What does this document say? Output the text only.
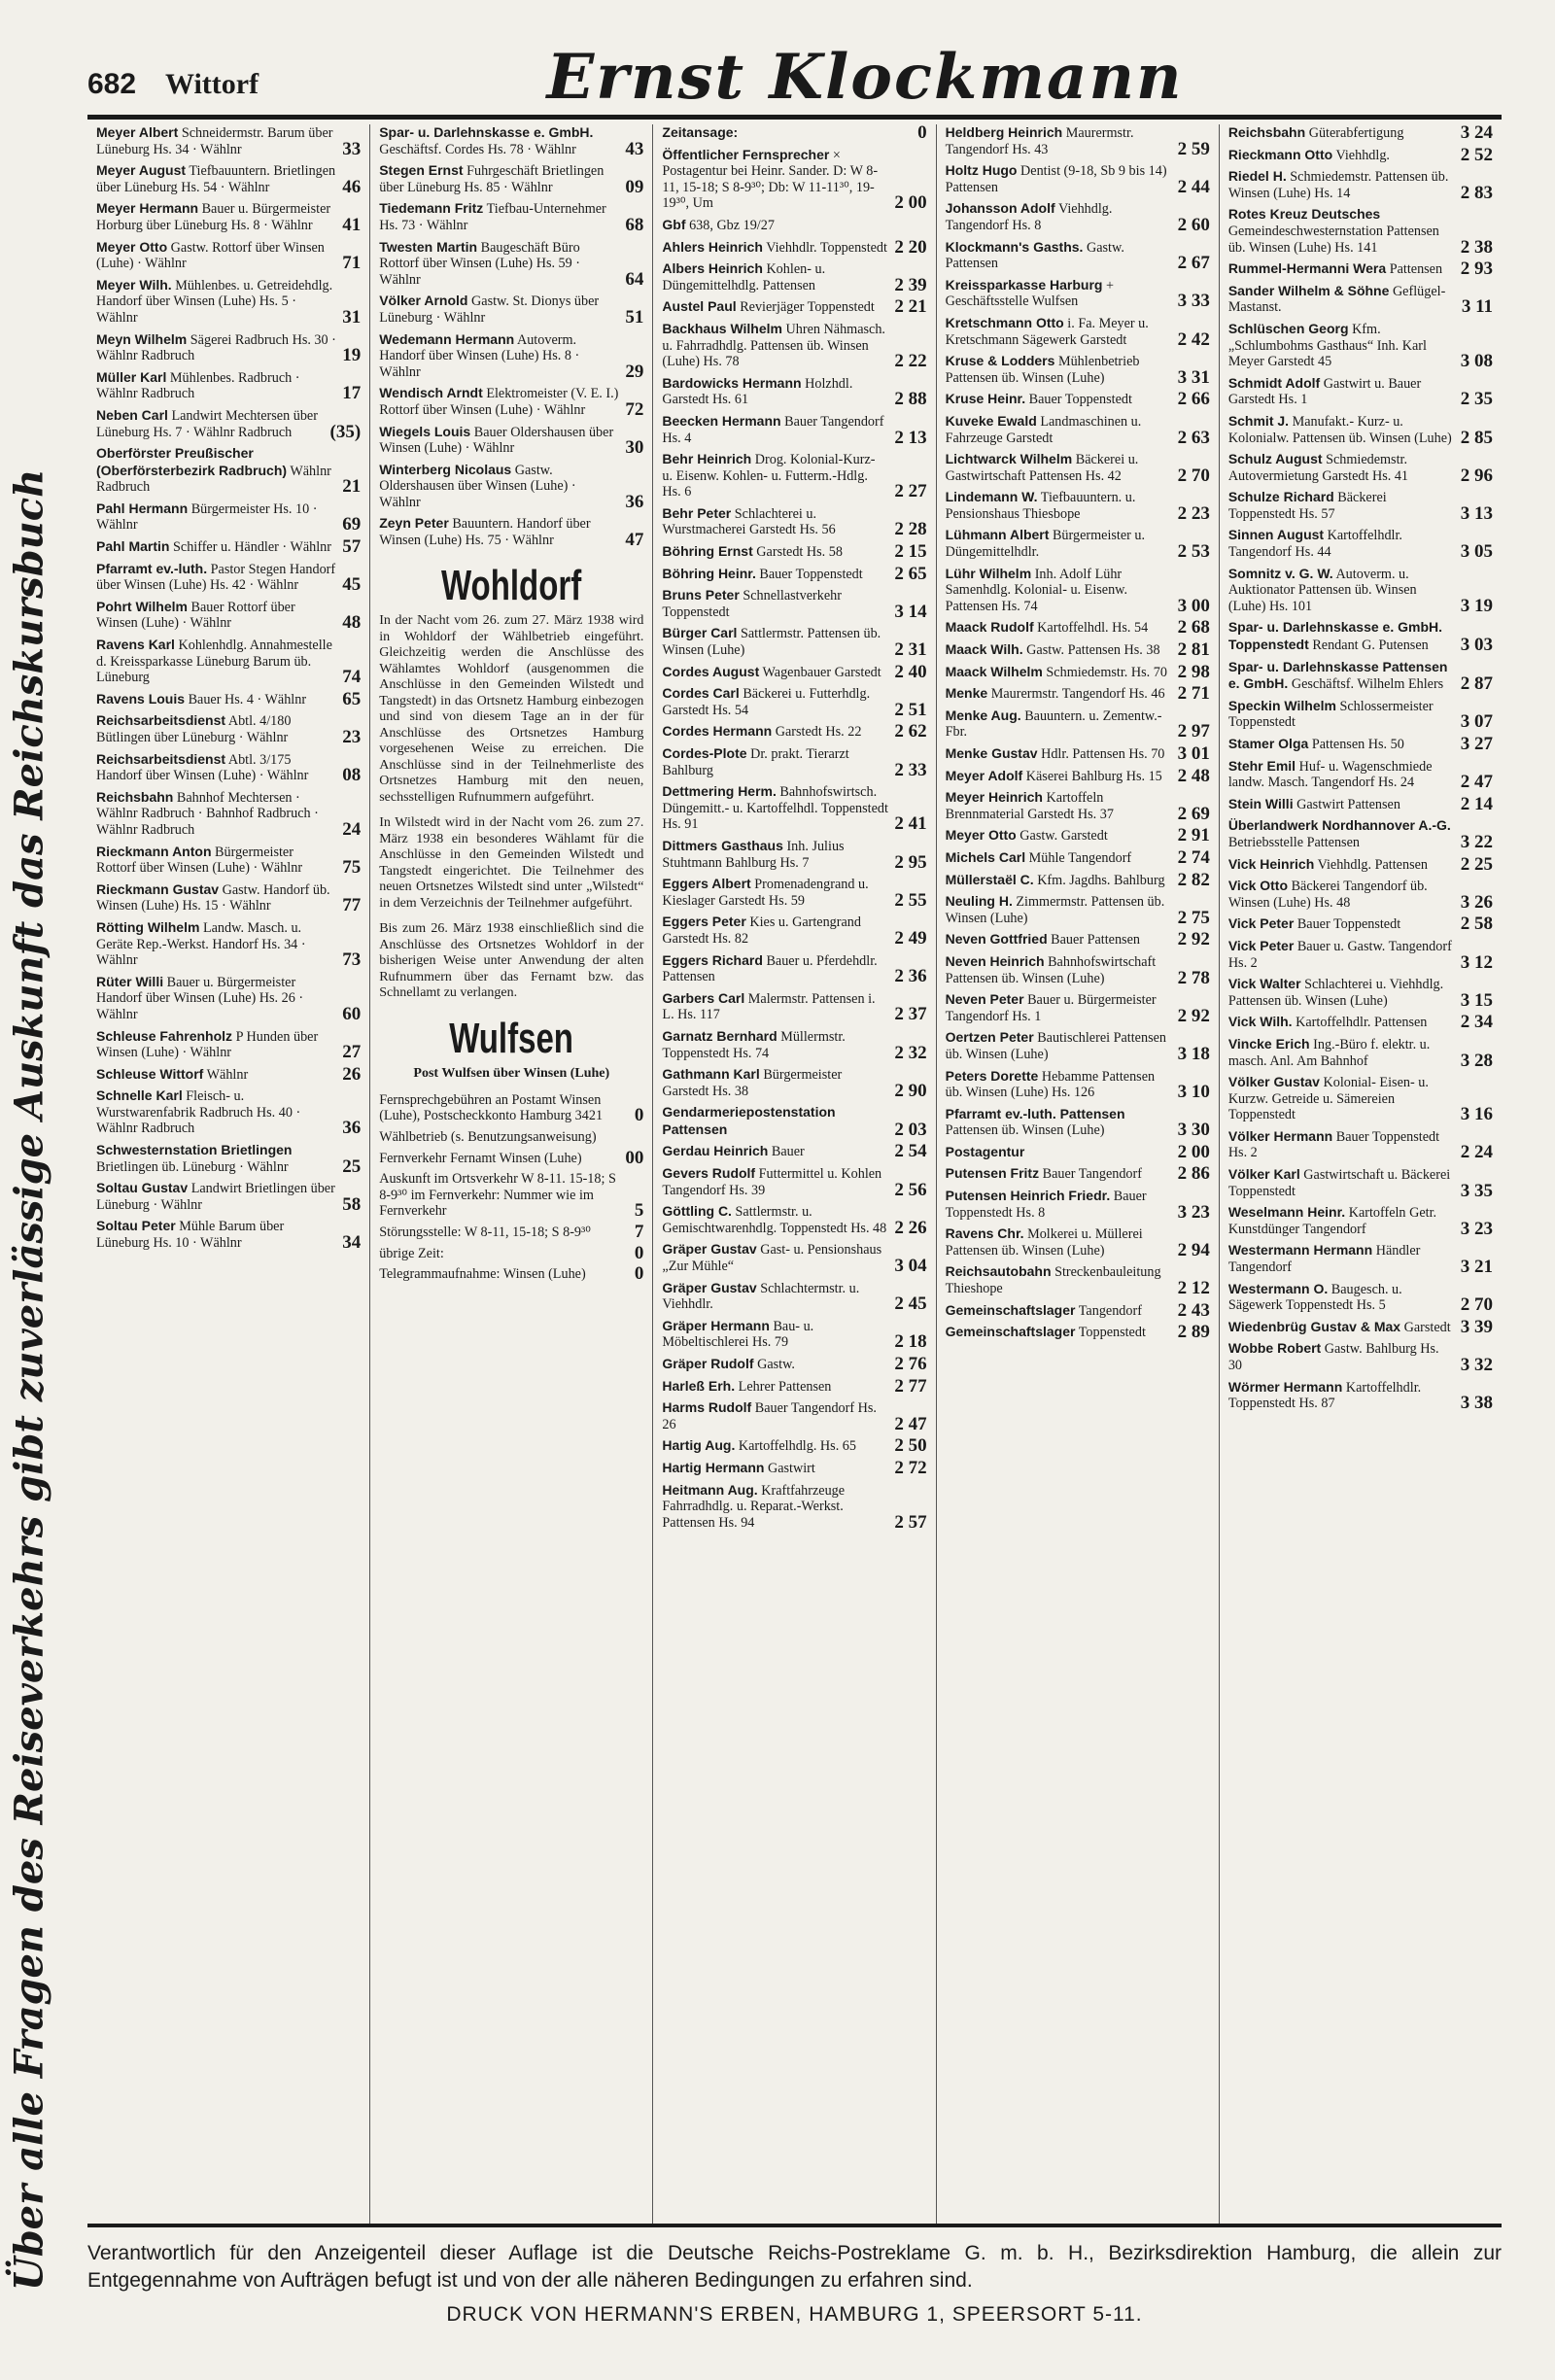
682 Wittorf	Ernst Klockmann
Über alle Fragen des Reiseverkehrs gibt zuverlässige Auskunft das Reichskursbuch
Meyer Albert Schneidermstr. Barum über Lüneburg Hs. 34 · Wählnr	33
Meyer August Tiefbauuntern. Brietlingen über Lüneburg Hs. 54 · Wählnr	46
Meyer Hermann Bauer u. Bürgermeister Horburg über Lüneburg Hs. 8 · Wählnr	41
Meyer Otto Gastw. Rottorf über Winsen (Luhe) · Wählnr	71
Meyer Wilh. Mühlenbes. u. Getreidehdlg. Handorf über Winsen (Luhe) Hs. 5 · Wählnr	31
Meyn Wilhelm Sägerei Radbruch Hs. 30 · Wählnr Radbruch	19
Müller Karl Mühlenbes. Radbruch · Wählnr Radbruch	17
Neben Carl Landwirt Mechtersen über Lüneburg Hs. 7 · Wählnr Radbruch	(35)
Oberförster Preußischer (Oberförsterbezirk Radbruch) Wählnr Radbruch	21
Pahl Hermann Bürgermeister Hs. 10 · Wählnr	69
Pahl Martin Schiffer u. Händler · Wählnr 57
Pfarramt ev.-luth. Pastor Stegen Handorf über Winsen (Luhe) Hs. 42 · Wählnr	45
Pohrt Wilhelm Bauer Rottorf über Winsen (Luhe) · Wählnr	48
Ravens Karl Kohlenhdlg. Annahmestelle d. Kreissparkasse Lüneburg Barum üb. Lüneburg	74
Ravens Louis Bauer Hs. 4 · Wählnr	65
Reichsarbeitsdienst Abtl. 4/180 Bütlingen über Lüneburg · Wählnr	23
Reichsarbeitsdienst Abtl. 3/175 Handorf über Winsen (Luhe) · Wählnr	08
Reichsbahn Bahnhof Mechtersen · Wählnr Radbruch · Bahnhof Radbruch · Wählnr Radbruch	24
Rieckmann Anton Bürgermeister Rottorf über Winsen (Luhe) · Wählnr	75
Rieckmann Gustav Gastw. Handorf üb. Winsen (Luhe) Hs. 15 · Wählnr	77
Rötting Wilhelm Landw. Masch. u. Geräte Rep.-Werkst. Handorf Hs. 34 · Wählnr	73
Rüter Willi Bauer u. Bürgermeister Handorf über Winsen (Luhe) Hs. 26 · Wählnr	60
Schleuse Fahrenholz P Hunden über Winsen (Luhe) · Wählnr	27
Schleuse Wittorf Wählnr	26
Schnelle Karl Fleisch- u. Wurstwarenfabrik Radbruch Hs. 40 · Wählnr Radbruch	36
Schwesternstation Brietlingen Brietlingen üb. Lüneburg · Wählnr	25
Soltau Gustav Landwirt Brietlingen über Lüneburg · Wählnr	58
Soltau Peter Mühle Barum über Lüneburg Hs. 10 · Wählnr	34
Spar- u. Darlehnskasse e. GmbH. Geschäftsf. Cordes Hs. 78 · Wählnr	43
Stegen Ernst Fuhrgeschäft Brietlingen über Lüneburg Hs. 85 · Wählnr	09
Tiedemann Fritz Tiefbau-Unternehmer Hs. 73 · Wählnr	68
Twesten Martin Baugeschäft Büro Rottorf über Winsen (Luhe) Hs. 59 · Wählnr	64
Völker Arnold Gastw. St. Dionys über Lüneburg · Wählnr	51
Wedemann Hermann Autoverm. Handorf über Winsen (Luhe) Hs. 8 · Wählnr	29
Wendisch Arndt Elektromeister (V. E. I.) Rottorf über Winsen (Luhe) · Wählnr	72
Wiegels Louis Bauer Oldershausen über Winsen (Luhe) · Wählnr	30
Winterberg Nicolaus Gastw. Oldershausen über Winsen (Luhe) · Wählnr	36
Zeyn Peter Bauuntern. Handorf über Winsen (Luhe) Hs. 75 · Wählnr	47
Wohldorf
In der Nacht vom 26. zum 27. März 1938 wird in Wohldorf der Wählbetrieb eingeführt. Gleichzeitig werden die Anschlüsse des Wählamtes Wohldorf (ausgenommen die Anschlüsse in den Gemeinden Wilstedt und Tangstedt) in das Ortsnetz Hamburg einbezogen und sind von diesem Tage an in der für Anschlüsse des Ortsnetzes Hamburg vorgesehenen Weise zu erreichen. Die Anschlüsse sind in der Teilnehmerliste des Ortsnetzes Hamburg mit den neuen, sechsstelligen Rufnummern aufgeführt.
In Wilstedt wird in der Nacht vom 26. zum 27. März 1938 ein besonderes Wählamt für die Anschlüsse in den Gemeinden Wilstedt und Tangstedt eingerichtet. Die Teilnehmer des neuen Ortsnetzes Wilstedt sind unter „Wilstedt“ in dem Verzeichnis der Teilnehmer aufgeführt.
Bis zum 26. März 1938 einschließlich sind die Anschlüsse des Ortsnetzes Wohldorf in der bisherigen Weise unter Anwendung der alten Rufnummern über das Fernamt bzw. das Schnellamt zu verlangen.
Wulfsen
Post Wulfsen über Winsen (Luhe)
Fernsprechgebühren an Postamt Winsen (Luhe), Postscheckkonto Hamburg 3421	0
Wählbetrieb (s. Benutzungsanweisung)
Fernverkehr Fernamt Winsen (Luhe)	00
Auskunft im Ortsverkehr W 8-11. 15-18; S 8-9³⁰ im Fernverkehr: Nummer wie im Fernverkehr	5
Störungsstelle: W 8-11, 15-18; S 8-9³⁰	7
übrige Zeit:	0
Telegrammaufnahme: Winsen (Luhe)	0
Zeitansage:	0
Öffentlicher Fernsprecher × Postagentur bei Heinr. Sander. D: W 8-11, 15-18; S 8-9³⁰; Db: W 11-11³⁰, 19-19³⁰, Um	2 00
Gbf 638, Gbz 19/27
Ahlers Heinrich Viehhdlr. Toppenstedt 2 20
Albers Heinrich Kohlen- u. Düngemittelhdlg. Pattensen	2 39
Austel Paul Revierjäger Toppenstedt	2 21
Backhaus Wilhelm Uhren Nähmasch. u. Fahrradhdlg. Pattensen üb. Winsen (Luhe) Hs. 78	2 22
Bardowicks Hermann Holzhdl. Garstedt Hs. 61	2 88
Beecken Hermann Bauer Tangendorf Hs. 4	2 13
Behr Heinrich Drog. Kolonial-Kurz- u. Eisenw. Kohlen- u. Futterm.-Hdlg. Hs. 6	2 27
Behr Peter Schlachterei u. Wurstmacherei Garstedt Hs. 56	2 28
Böhring Ernst Garstedt Hs. 58	2 15
Böhring Heinr. Bauer Toppenstedt	2 65
Bruns Peter Schnellastverkehr Toppenstedt	3 14
Bürger Carl Sattlermstr. Pattensen üb. Winsen (Luhe)	2 31
Cordes August Wagenbauer Garstedt 2 40
Cordes Carl Bäckerei u. Futterhdlg. Garstedt Hs. 54	2 51
Cordes Hermann Garstedt Hs. 22	2 62
Cordes-Plote Dr. prakt. Tierarzt Bahlburg	2 33
Dettmering Herm. Bahnhofswirtsch. Düngemitt.- u. Kartoffelhdl. Toppenstedt Hs. 91	2 41
Dittmers Gasthaus Inh. Julius Stuhtmann Bahlburg Hs. 7	2 95
Eggers Albert Promenadengrand u. Kieslager Garstedt Hs. 59	2 55
Eggers Peter Kies u. Gartengrand Garstedt Hs. 82	2 49
Eggers Richard Bauer u. Pferdehdlr. Pattensen	2 36
Garbers Carl Malermstr. Pattensen i. L. Hs. 117	2 37
Garnatz Bernhard Müllermstr. Toppenstedt Hs. 74	2 32
Gathmann Karl Bürgermeister Garstedt Hs. 38	2 90
Gendarmeriepostenstation Pattensen	2 03
Gerdau Heinrich Bauer	2 54
Gevers Rudolf Futtermittel u. Kohlen Tangendorf Hs. 39	2 56
Göttling C. Sattlermstr. u. Gemischtwarenhdlg. Toppenstedt Hs. 48 2 26
Gräper Gustav Gast- u. Pensionshaus „Zur Mühle“	3 04
Gräper Gustav Schlachtermstr. u. Viehhdlr.	2 45
Gräper Hermann Bau- u. Möbeltischlerei Hs. 79	2 18
Gräper Rudolf Gastw.	2 76
Harleß Erh. Lehrer Pattensen	2 77
Harms Rudolf Bauer Tangendorf Hs. 26	2 47
Hartig Aug. Kartoffelhdlg. Hs. 65	2 50
Hartig Hermann Gastwirt	2 72
Heitmann Aug. Kraftfahrzeuge Fahrradhdlg. u. Reparat.-Werkst. Pattensen Hs. 94	2 57
Heldberg Heinrich Maurermstr. Tangendorf Hs. 43	2 59
Holtz Hugo Dentist (9-18, Sb 9 bis 14) Pattensen	2 44
Johansson Adolf Viehhdlg. Tangendorf Hs. 8	2 60
Klockmann's Gasths. Gastw. Pattensen	2 67
Kreissparkasse Harburg + Geschäftsstelle Wulfsen	3 33
Kretschmann Otto i. Fa. Meyer u. Kretschmann Sägewerk Garstedt	2 42
Kruse & Lodders Mühlenbetrieb Pattensen üb. Winsen (Luhe)	3 31
Kruse Heinr. Bauer Toppenstedt	2 66
Kuveke Ewald Landmaschinen u. Fahrzeuge Garstedt	2 63
Lichtwarck Wilhelm Bäckerei u. Gastwirtschaft Pattensen Hs. 42	2 70
Lindemann W. Tiefbauuntern. u. Pensionshaus Thiesbope	2 23
Lühmann Albert Bürgermeister u. Düngemittelhdlr.	2 53
Lühr Wilhelm Inh. Adolf Lühr Samenhdlg. Kolonial- u. Eisenw. Pattensen Hs. 74	3 00
Maack Rudolf Kartoffelhdl. Hs. 54	2 68
Maack Wilh. Gastw. Pattensen Hs. 38 2 81
Maack Wilhelm Schmiedemstr. Hs. 70 2 98
Menke Maurermstr. Tangendorf Hs. 46 2 71
Menke Aug. Bauuntern. u. Zementw.-Fbr.	2 97
Menke Gustav Hdlr. Pattensen Hs. 70 3 01
Meyer Adolf Käserei Bahlburg Hs. 15 2 48
Meyer Heinrich Kartoffeln Brennmaterial Garstedt Hs. 37	2 69
Meyer Otto Gastw. Garstedt	2 91
Michels Carl Mühle Tangendorf	2 74
Müllerstaël C. Kfm. Jagdhs. Bahlburg 2 82
Neuling H. Zimmermstr. Pattensen üb. Winsen (Luhe)	2 75
Neven Gottfried Bauer Pattensen	2 92
Neven Heinrich Bahnhofswirtschaft Pattensen üb. Winsen (Luhe)	2 78
Neven Peter Bauer u. Bürgermeister Tangendorf Hs. 1	2 92
Oertzen Peter Bautischlerei Pattensen üb. Winsen (Luhe)	3 18
Peters Dorette Hebamme Pattensen üb. Winsen (Luhe) Hs. 126	3 10
Pfarramt ev.-luth. Pattensen Pattensen üb. Winsen (Luhe)	3 30
Postagentur	2 00
Putensen Fritz Bauer Tangendorf	2 86
Putensen Heinrich Friedr. Bauer Toppenstedt Hs. 8	3 23
Ravens Chr. Molkerei u. Müllerei Pattensen üb. Winsen (Luhe)	2 94
Reichsautobahn Streckenbauleitung Thieshope	2 12
Gemeinschaftslager Tangendorf	2 43
Gemeinschaftslager Toppenstedt	2 89
Reichsbahn Güterabfertigung	3 24
Rieckmann Otto Viehhdlg.	2 52
Riedel H. Schmiedemstr. Pattensen üb. Winsen (Luhe) Hs. 14	2 83
Rotes Kreuz Deutsches Gemeindeschwesternstation Pattensen üb. Winsen (Luhe) Hs. 141	2 38
Rummel-Hermanni Wera Pattensen 2 93
Sander Wilhelm & Söhne Geflügel-Mastanst.	3 11
Schlüschen Georg Kfm. „Schlumbohms Gasthaus“ Inh. Karl Meyer Garstedt 45	3 08
Schmidt Adolf Gastwirt u. Bauer Garstedt Hs. 1	2 35
Schmit J. Manufakt.- Kurz- u. Kolonialw. Pattensen üb. Winsen (Luhe) 2 85
Schulz August Schmiedemstr. Autovermietung Garstedt Hs. 41	2 96
Schulze Richard Bäckerei Toppenstedt Hs. 57	3 13
Sinnen August Kartoffelhdlr. Tangendorf Hs. 44	3 05
Somnitz v. G. W. Autoverm. u. Auktionator Pattensen üb. Winsen (Luhe) Hs. 101	3 19
Spar- u. Darlehnskasse e. GmbH. Toppenstedt Rendant G. Putensen	3 03
Spar- u. Darlehnskasse Pattensen e. GmbH. Geschäftsf. Wilhelm Ehlers 2 87
Speckin Wilhelm Schlossermeister Toppenstedt	3 07
Stamer Olga Pattensen Hs. 50	3 27
Stehr Emil Huf- u. Wagenschmiede landw. Masch. Tangendorf Hs. 24	2 47
Stein Willi Gastwirt Pattensen	2 14
Überlandwerk Nordhannover A.-G. Betriebsstelle Pattensen	3 22
Vick Heinrich Viehhdlg. Pattensen	2 25
Vick Otto Bäckerei Tangendorf üb. Winsen (Luhe) Hs. 48	3 26
Vick Peter Bauer Toppenstedt	2 58
Vick Peter Bauer u. Gastw. Tangendorf Hs. 2	3 12
Vick Walter Schlachterei u. Viehhdlg. Pattensen üb. Winsen (Luhe)	3 15
Vick Wilh. Kartoffelhdlr. Pattensen	2 34
Vincke Erich Ing.-Büro f. elektr. u. masch. Anl. Am Bahnhof	3 28
Völker Gustav Kolonial- Eisen- u. Kurzw. Getreide u. Sämereien Toppenstedt	3 16
Völker Hermann Bauer Toppenstedt Hs. 2	2 24
Völker Karl Gastwirtschaft u. Bäckerei Toppenstedt	3 35
Weselmann Heinr. Kartoffeln Getr. Kunstdünger Tangendorf	3 23
Westermann Hermann Händler Tangendorf	3 21
Westermann O. Baugesch. u. Sägewerk Toppenstedt Hs. 5	2 70
Wiedenbrüg Gustav & Max Garstedt 3 39
Wobbe Robert Gastw. Bahlburg Hs. 30	3 32
Wörmer Hermann Kartoffelhdlr. Toppenstedt Hs. 87	3 38
Verantwortlich für den Anzeigenteil dieser Auflage ist die Deutsche Reichs-Postreklame G. m. b. H., Bezirksdirektion Hamburg, die allein zur Entgegennahme von Aufträgen befugt ist und von der alle näheren Bedingungen zu erfahren sind.
DRUCK VON HERMANN'S ERBEN, HAMBURG 1, SPEERSORT 5-11.
